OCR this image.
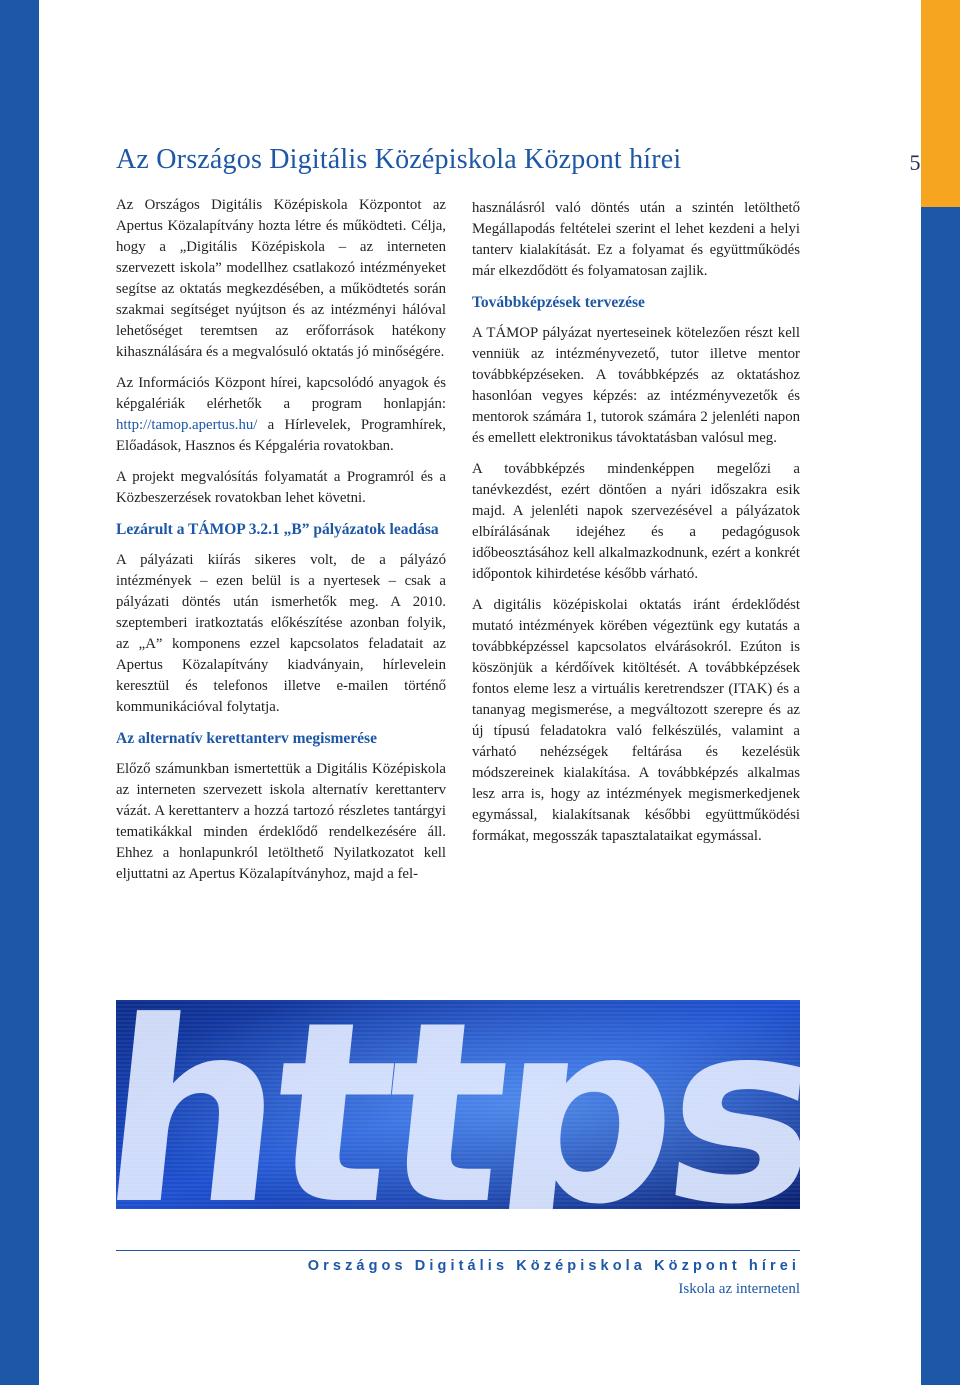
5
Az Országos Digitális Középiskola Központ hírei

Az Országos Digitális Középiskola Központot az Apertus Közalapítvány hozta létre és működteti. Célja, hogy a „Digitális Középiskola – az interneten szervezett iskola” modellhez csatlakozó intézményeket segítse az oktatás megkezdésében, a működtetés során szakmai segítséget nyújtson és az intézményi hálóval lehetőséget teremtsen az erőforrások hatékony kihasználására és a megvalósuló oktatás jó minőségére.

Az Információs Központ hírei, kapcsolódó anyagok és képgalériák elérhetők a program honlapján: http://tamop.apertus.hu/ a Hírlevelek, Programhírek, Előadások, Hasznos és Képgaléria rovatokban.

A projekt megvalósítás folyamatát a Programról és a Közbeszerzések rovatokban lehet követni.

Lezárult a TÁMOP 3.2.1 „B” pályázatok leadása

A pályázati kiírás sikeres volt, de a pályázó intézmények – ezen belül is a nyertesek – csak a pályázati döntés után ismerhetők meg. A 2010. szeptemberi iratkoztatás előkészítése azonban folyik, az „A” komponens ezzel kapcsolatos feladatait az Apertus Közalapítvány kiadványain, hírlevelein keresztül és telefonos illetve e-mailen történő kommunikációval folytatja.

Az alternatív kerettanterv megismerése

Előző számunkban ismertettük a Digitális Középiskola az interneten szervezett iskola alternatív kerettanterv vázát. A kerettanterv a hozzá tartozó részletes tantárgyi tematikákkal minden érdeklődő rendelkezésére áll. Ehhez a honlapunkról letölthető Nyilatkozatot kell eljuttatni az Apertus Közalapítványhoz, majd a fel-

használásról való döntés után a szintén letölthető Megállapodás feltételei szerint el lehet kezdeni a helyi tanterv kialakítását. Ez a folyamat és együttműködés már elkezdődött és folyamatosan zajlik.

Továbbképzések tervezése

A TÁMOP pályázat nyerteseinek kötelezően részt kell venniük az intézményvezető, tutor illetve mentor továbbképzéseken. A továbbképzés az oktatáshoz hasonlóan vegyes képzés: az intézményvezetők és mentorok számára 1, tutorok számára 2 jelenléti napon és emellett elektronikus távoktatásban valósul meg.

A továbbképzés mindenképpen megelőzi a tanévkezdést, ezért döntően a nyári időszakra esik majd. A jelenléti napok szervezésével a pályázatok elbírálásának idejéhez és a pedagógusok időbeosztásához kell alkalmazkodnunk, ezért a konkrét időpontok kihirdetése később várható.

A digitális középiskolai oktatás iránt érdeklődést mutató intézmények körében végeztünk egy kutatás a továbbképzéssel kapcsolatos elvárásokról. Ezúton is köszönjük a kérdőívek kitöltését. A továbbképzések fontos eleme lesz a virtuális keretrendszer (ITAK) és a tananyag megismerése, a megváltozott szerepre és az új típusú feladatokra való felkészülés, valamint a várható nehézségek feltárása és kezelésük módszereinek kialakítása. A továbbképzés alkalmas lesz arra is, hogy az intézmények megismerkedjenek egymással, kialakítsanak későbbi együttműködési formákat, megosszák tapasztalataikat egymással.

Országos Digitális Középiskola Központ hírei
Iskola az internetenl
